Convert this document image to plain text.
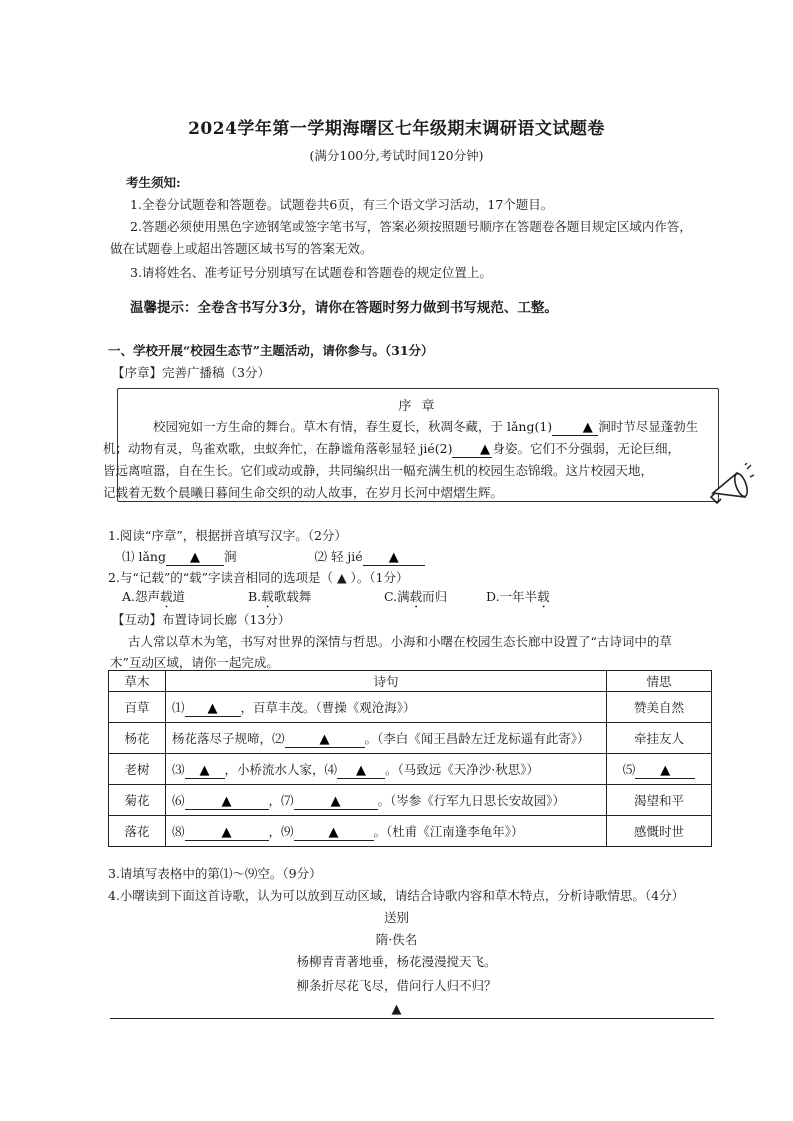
2024学年第一学期海曙区七年级期末调研语文试题卷
(满分100分,考试时间120分钟)
考生须知:
1.全卷分试题卷和答题卷。试题卷共6页，有三个语文学习活动，17个题目。
2.答题必须使用黑色字迹钢笔或签字笔书写，答案必须按照题号顺序在答题卷各题目规定区域内作答，
做在试题卷上或超出答题区域书写的答案无效。
3.请将姓名、准考证号分别填写在试题卷和答题卷的规定位置上。
温馨提示：全卷含书写分3分，请你在答题时努力做到书写规范、工整。
一、学校开展“校园生态节”主题活动，请你参与。（31分）
【序章】完善广播稿（3分）
序 章
校园宛如一方生命的舞台。草木有情，春生夏长，秋凋冬藏，于 lǎng(1) ▲ 涧时节尽显蓬勃生
机；动物有灵，鸟雀欢歌，虫蚁奔忙，在静谧角落彰显轻 jié(2) ▲ 身姿。它们不分强弱，无论巨细，
皆远离喧嚣，自在生长。它们或动或静，共同编织出一幅充满生机的校园生态锦缎。这片校园天地，
记载着无数个晨曦日暮间生命交织的动人故事，在岁月长河中熠熠生辉。
1.阅读“序章”，根据拼音填写汉字。（2分）
⑴ lǎng ▲ 涧	⑵ 轻 jié ▲
2.与“记载”的“载”字读音相同的选项是（ ▲ ）。（1分）
A.怨声载道	B.载歌载舞	C.满载而归	D.一年半载
【互动】布置诗词长廊（13分）
古人常以草木为笔，书写对世界的深情与哲思。小海和小曙在校园生态长廊中设置了“古诗词中的草
木”互动区域，请你一起完成。
草木	诗句	情思
百草	⑴ ▲ ，百草丰茂。（曹操《观沧海》）	赞美自然
杨花	杨花落尽子规啼，⑵ ▲ 。（李白《闻王昌龄左迁龙标遥有此寄》）	牵挂友人
老树	⑶ ▲ ，小桥流水人家，⑷ ▲ 。（马致远《天净沙·秋思》）	⑸ ▲
菊花	⑹ ▲ ，⑺ ▲ 。（岑参《行军九日思长安故园》）	渴望和平
落花	⑻ ▲ ，⑼ ▲ 。（杜甫《江南逢李龟年》）	感慨时世
3.请填写表格中的第⑴～⑼空。（9分）
4.小曙读到下面这首诗歌，认为可以放到互动区域，请结合诗歌内容和草木特点，分析诗歌情思。（4分）
送别
隋·佚名
杨柳青青著地垂，杨花漫漫搅天飞。
柳条折尽花飞尽，借问行人归不归？
▲
